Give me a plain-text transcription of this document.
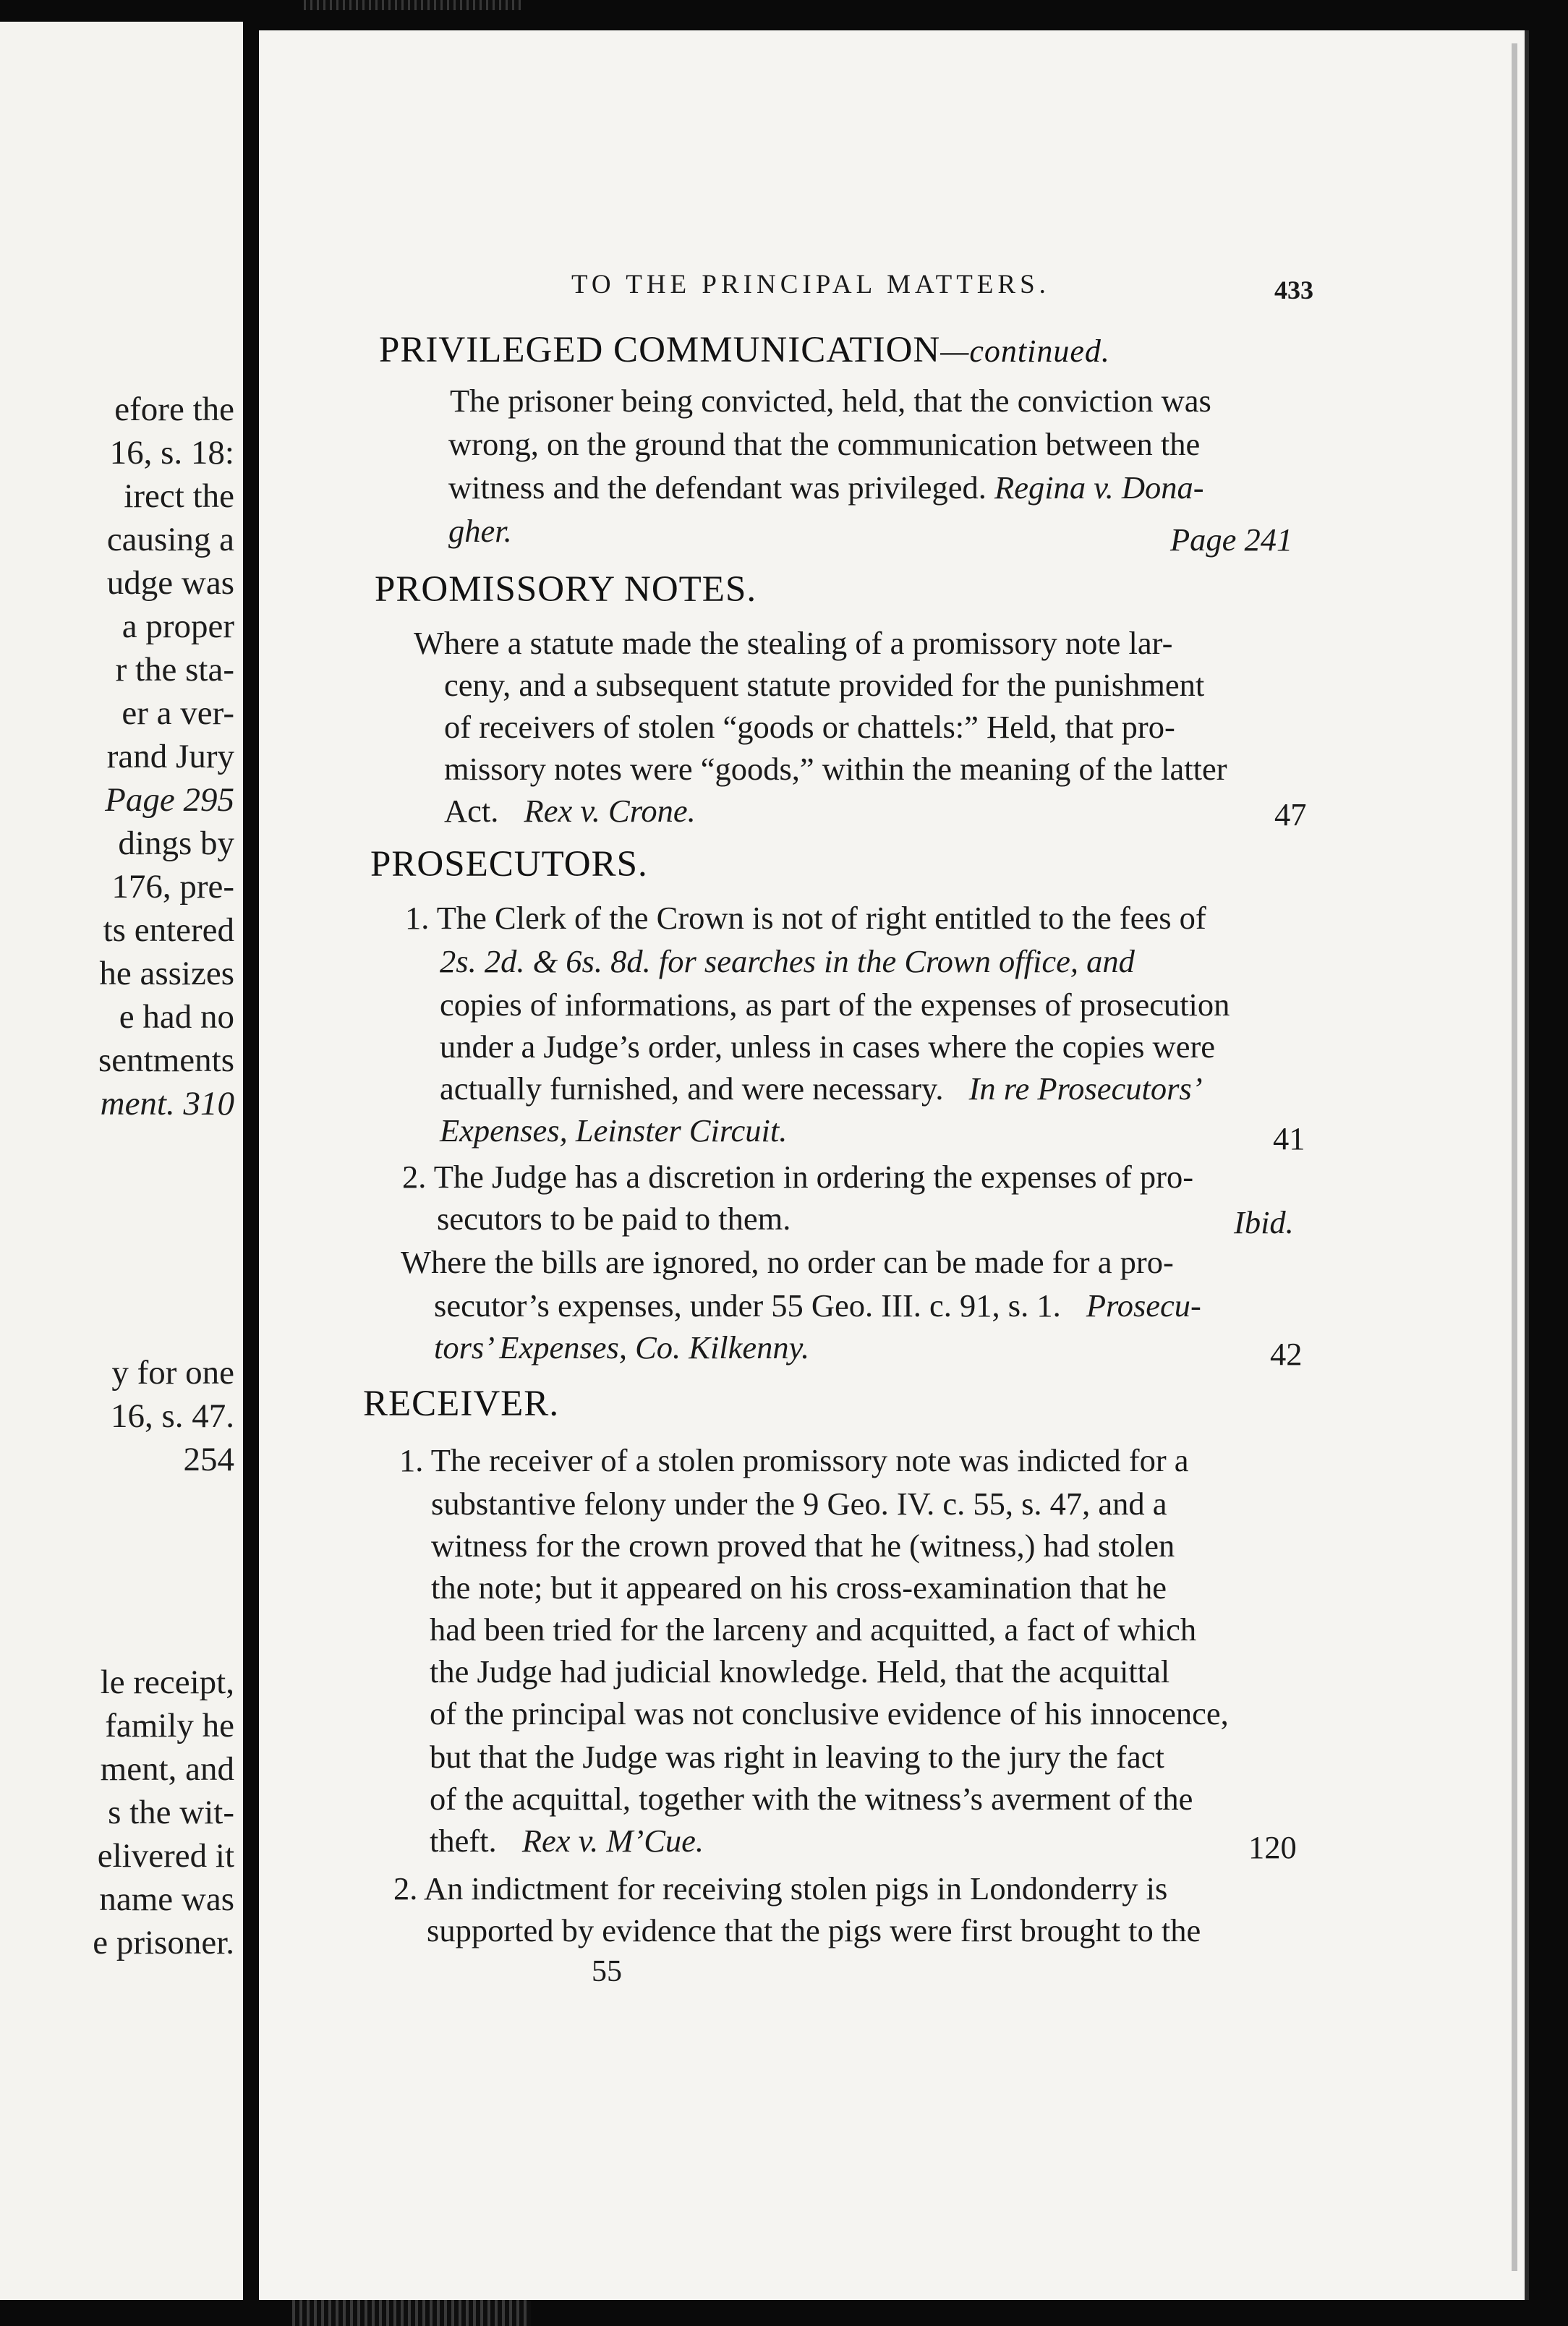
efore the
16, s. 18:
irect the
causing a
udge was
a proper
r the sta-
er a ver-
rand Jury
Page 295
dings by
176, pre-
ts entered
he assizes
e had no
sentments
ment. 310
y for one
16, s. 47.
254
le receipt,
family he
ment, and
s the wit-
elivered it
name was
e prisoner.
TO THE PRINCIPAL MATTERS.	433
PRIVILEGED COMMUNICATION—continued.
The prisoner being convicted, held, that the conviction was
wrong, on the ground that the communication between the
witness and the defendant was privileged. Regina v. Dona-
gher.	Page 241
PROMISSORY NOTES.
Where a statute made the stealing of a promissory note lar-
ceny, and a subsequent statute provided for the punishment
of receivers of stolen “goods or chattels:” Held, that pro-
missory notes were “goods,” within the meaning of the latter
Act. Rex v. Crone.	47
PROSECUTORS.
1. The Clerk of the Crown is not of right entitled to the fees of
2s. 2d. & 6s. 8d. for searches in the Crown office, and
copies of informations, as part of the expenses of prosecution
under a Judge’s order, unless in cases where the copies were
actually furnished, and were necessary. In re Prosecutors’
Expenses, Leinster Circuit.	41
2. The Judge has a discretion in ordering the expenses of pro-
secutors to be paid to them.	Ibid.
Where the bills are ignored, no order can be made for a pro-
secutor’s expenses, under 55 Geo. III. c. 91, s. 1. Prosecu-
tors’ Expenses, Co. Kilkenny.	42
RECEIVER.
1. The receiver of a stolen promissory note was indicted for a
substantive felony under the 9 Geo. IV. c. 55, s. 47, and a
witness for the crown proved that he (witness,) had stolen
the note; but it appeared on his cross-examination that he
had been tried for the larceny and acquitted, a fact of which
the Judge had judicial knowledge. Held, that the acquittal
of the principal was not conclusive evidence of his innocence,
but that the Judge was right in leaving to the jury the fact
of the acquittal, together with the witness’s averment of the
theft. Rex v. M’Cue.	120
2. An indictment for receiving stolen pigs in Londonderry is
supported by evidence that the pigs were first brought to the
55
